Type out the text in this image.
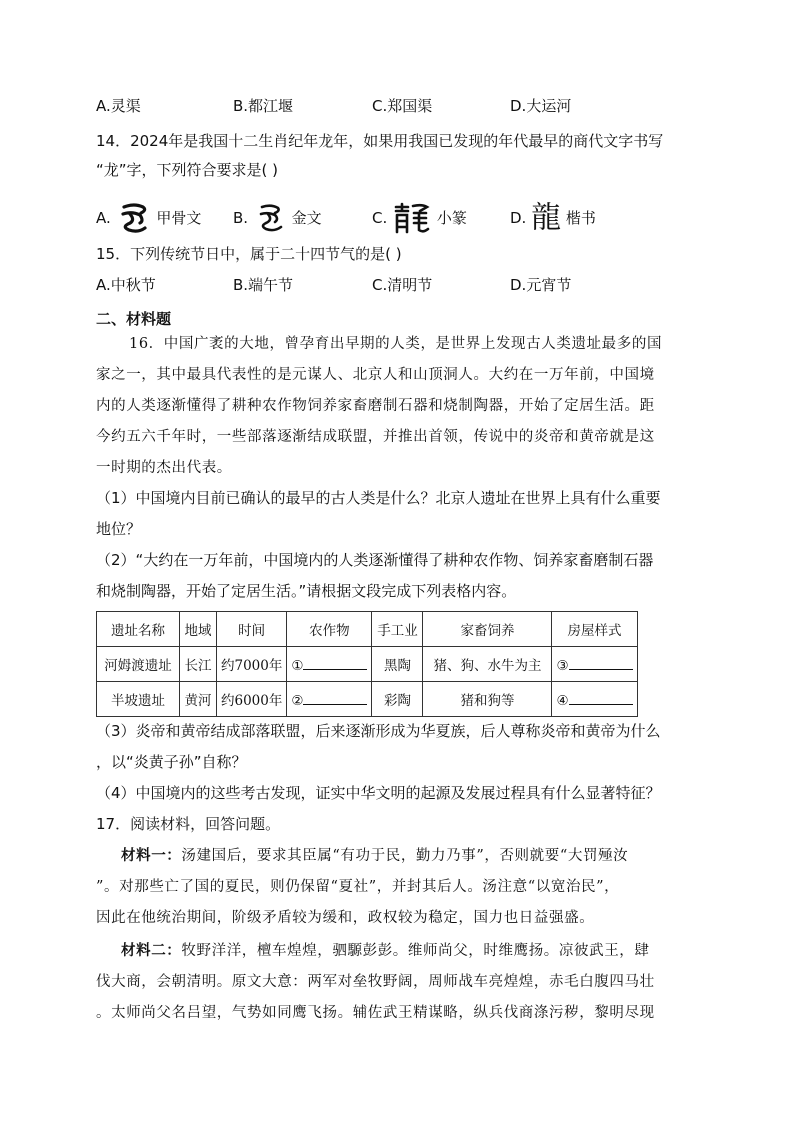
A.灵渠	B.都江堰	C.郑国渠	D.大运河
14．2024年是我国十二生肖纪年龙年，如果用我国已发现的年代最早的商代文字书写
“龙”字，下列符合要求是( )
A.	甲骨文 B.	金文	C.	小篆	D. 龍 楷书
15．下列传统节日中，属于二十四节气的是( )
A.中秋节	B.端午节	C.清明节	D.元宵节
二、材料题
16．中国广袤的大地，曾孕育出早期的人类，是世界上发现古人类遗址最多的国
家之一，其中最具代表性的是元谋人、北京人和山顶洞人。大约在一万年前，中国境
内的人类逐渐懂得了耕种农作物饲养家畜磨制石器和烧制陶器，开始了定居生活。距
今约五六千年时，一些部落逐渐结成联盟，并推出首领，传说中的炎帝和黄帝就是这
一时期的杰出代表。
（1）中国境内目前已确认的最早的古人类是什么？北京人遗址在世界上具有什么重要
地位？
（2）“大约在一万年前，中国境内的人类逐渐懂得了耕种农作物、饲养家畜磨制石器
和烧制陶器，开始了定居生活。”请根据文段完成下列表格内容。
遗址名称	地域	时间	农作物	手工业	家畜饲养	房屋样式
河姆渡遗址	长江	约7000年	①	黑陶	猪、狗、水牛为主	③
半坡遗址	黄河	约6000年	②	彩陶	猪和狗等	④
（3）炎帝和黄帝结成部落联盟，后来逐渐形成为华夏族，后人尊称炎帝和黄帝为什么
，以“炎黄子孙”自称？
（4）中国境内的这些考古发现，证实中华文明的起源及发展过程具有什么显著特征？
17．阅读材料，回答问题。
材料一：汤建国后，要求其臣属“有功于民，勤力乃事”，否则就要“大罚殛汝
”。对那些亡了国的夏民，则仍保留“夏社”，并封其后人。汤注意“以宽治民”，
因此在他统治期间，阶级矛盾较为缓和，政权较为稳定，国力也日益强盛。
材料二：牧野洋洋，檀车煌煌，驷騵彭彭。维师尚父，时维鹰扬。凉彼武王，肆
伐大商，会朝清明。原文大意：两军对垒牧野阔，周师战车亮煌煌，赤毛白腹四马壮
。太师尚父名吕望，气势如同鹰飞扬。辅佐武王精谋略，纵兵伐商涤污秽，黎明尽现
